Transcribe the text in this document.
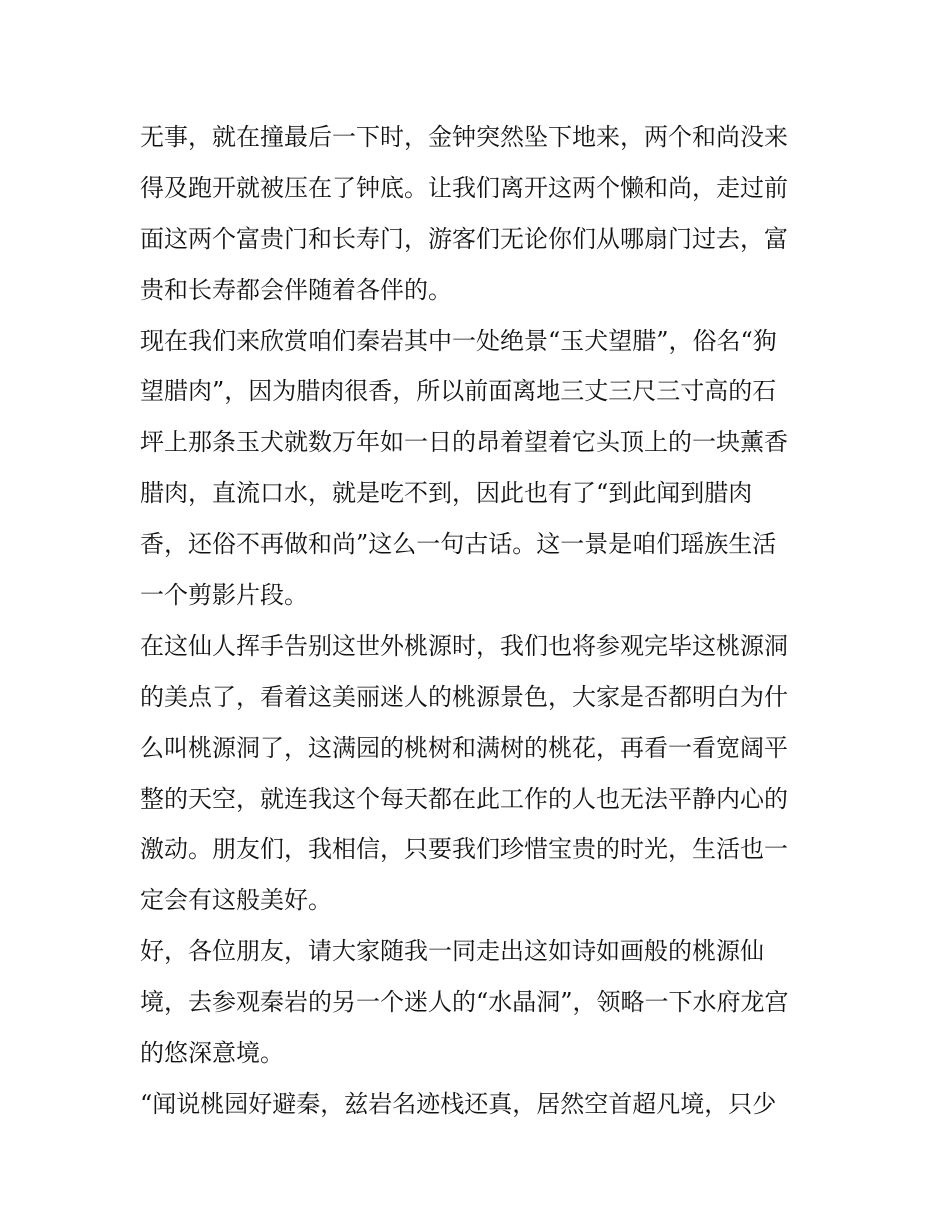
无事，就在撞最后一下时，金钟突然坠下地来，两个和尚没来
得及跑开就被压在了钟底。让我们离开这两个懒和尚，走过前
面这两个富贵门和长寿门，游客们无论你们从哪扇门过去，富
贵和长寿都会伴随着各伴的。
现在我们来欣赏咱们秦岩其中一处绝景“玉犬望腊”，俗名“狗
望腊肉”，因为腊肉很香，所以前面离地三丈三尺三寸高的石
坪上那条玉犬就数万年如一日的昂着望着它头顶上的一块薰香
腊肉，直流口水，就是吃不到，因此也有了“到此闻到腊肉
香，还俗不再做和尚”这么一句古话。这一景是咱们瑶族生活
一个剪影片段。
在这仙人挥手告别这世外桃源时，我们也将参观完毕这桃源洞
的美点了，看着这美丽迷人的桃源景色，大家是否都明白为什
么叫桃源洞了，这满园的桃树和满树的桃花，再看一看宽阔平
整的天空，就连我这个每天都在此工作的人也无法平静内心的
激动。朋友们，我相信，只要我们珍惜宝贵的时光，生活也一
定会有这般美好。
好，各位朋友，请大家随我一同走出这如诗如画般的桃源仙
境，去参观秦岩的另一个迷人的“水晶洞”，领略一下水府龙宫
的悠深意境。
“闻说桃园好避秦，兹岩名迹栈还真，居然空首超凡境，只少
